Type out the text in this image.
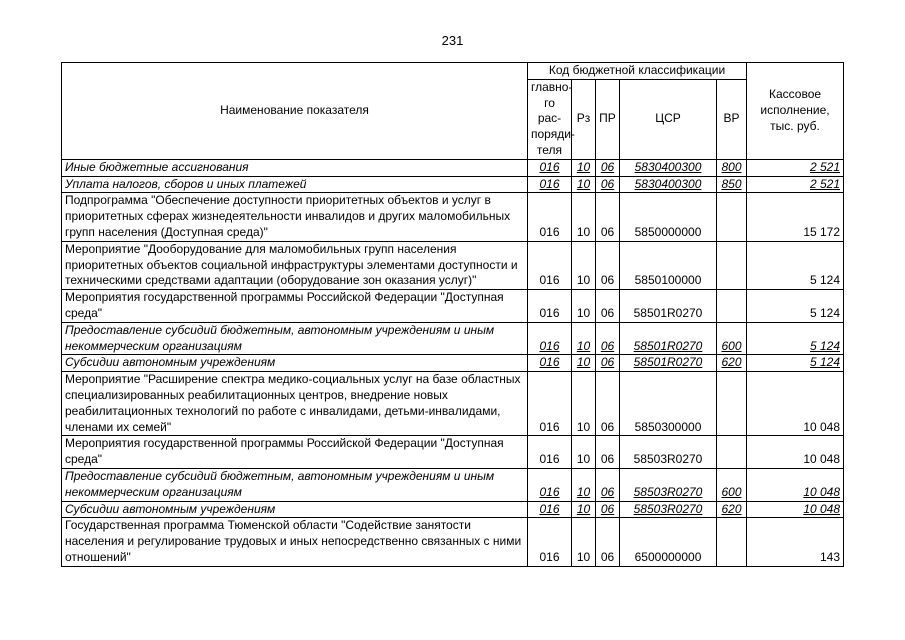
231
Наименование показателя	Код бюджетной классификации					Кассовое исполнение, тыс. руб.
	главно-го рас-поряди-теля	Рз	ПР	ЦСР	ВР	
Иные бюджетные ассигнования	016	10	06	5830400300	800	2 521
Уплата налогов, сборов и иных платежей	016	10	06	5830400300	850	2 521
Подпрограмма "Обеспечение доступности приоритетных объектов и услуг в приоритетных сферах жизнедеятельности инвалидов и других маломобильных групп населения (Доступная среда)"	016	10	06	5850000000		15 172
Мероприятие "Дооборудование для маломобильных групп населения приоритетных объектов социальной инфраструктуры элементами доступности и техническими средствами адаптации (оборудование зон оказания услуг)"	016	10	06	5850100000		5 124
Мероприятия государственной программы Российской Федерации "Доступная среда"	016	10	06	58501R0270		5 124
Предоставление субсидий бюджетным, автономным учреждениям и иным некоммерческим организациям	016	10	06	58501R0270	600	5 124
Субсидии автономным учреждениям	016	10	06	58501R0270	620	5 124
Мероприятие "Расширение спектра медико-социальных услуг на базе областных специализированных реабилитационных центров, внедрение новых реабилитационных технологий по работе с инвалидами, детьми-инвалидами, членами их семей"	016	10	06	5850300000		10 048
Мероприятия государственной программы Российской Федерации "Доступная среда"	016	10	06	58503R0270		10 048
Предоставление субсидий бюджетным, автономным учреждениям и иным некоммерческим организациям	016	10	06	58503R0270	600	10 048
Субсидии автономным учреждениям	016	10	06	58503R0270	620	10 048
Государственная программа Тюменской области "Содействие занятости населения и регулирование трудовых и иных непосредственно связанных с ними отношений"	016	10	06	6500000000		143
